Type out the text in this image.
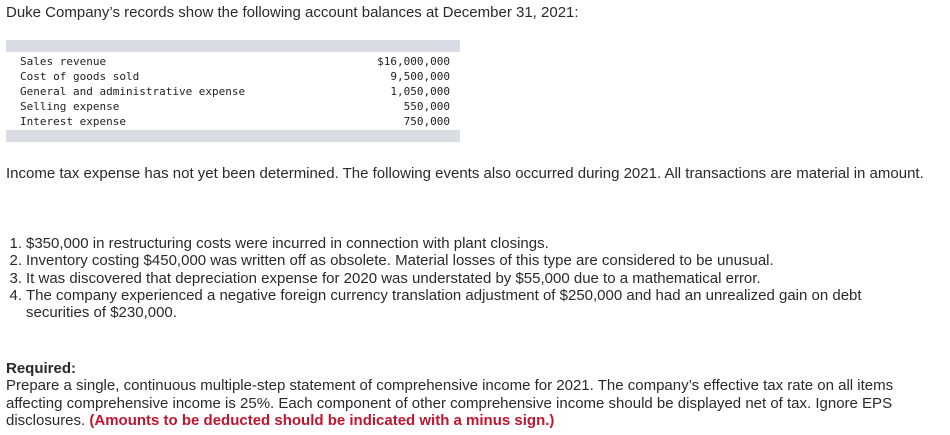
Duke Company’s records show the following account balances at December 31, 2021:
Sales revenue	$16,000,000
Cost of goods sold	9,500,000
General and administrative expense	1,050,000
Selling expense	550,000
Interest expense	750,000
Income tax expense has not yet been determined. The following events also occurred during 2021. All transactions are material in amount.
1. $350,000 in restructuring costs were incurred in connection with plant closings.
2. Inventory costing $450,000 was written off as obsolete. Material losses of this type are considered to be unusual.
3. It was discovered that depreciation expense for 2020 was understated by $55,000 due to a mathematical error.
4. The company experienced a negative foreign currency translation adjustment of $250,000 and had an unrealized gain on debt securities of $230,000.
Required:
Prepare a single, continuous multiple-step statement of comprehensive income for 2021. The company’s effective tax rate on all items affecting comprehensive income is 25%. Each component of other comprehensive income should be displayed net of tax. Ignore EPS disclosures. (Amounts to be deducted should be indicated with a minus sign.)
